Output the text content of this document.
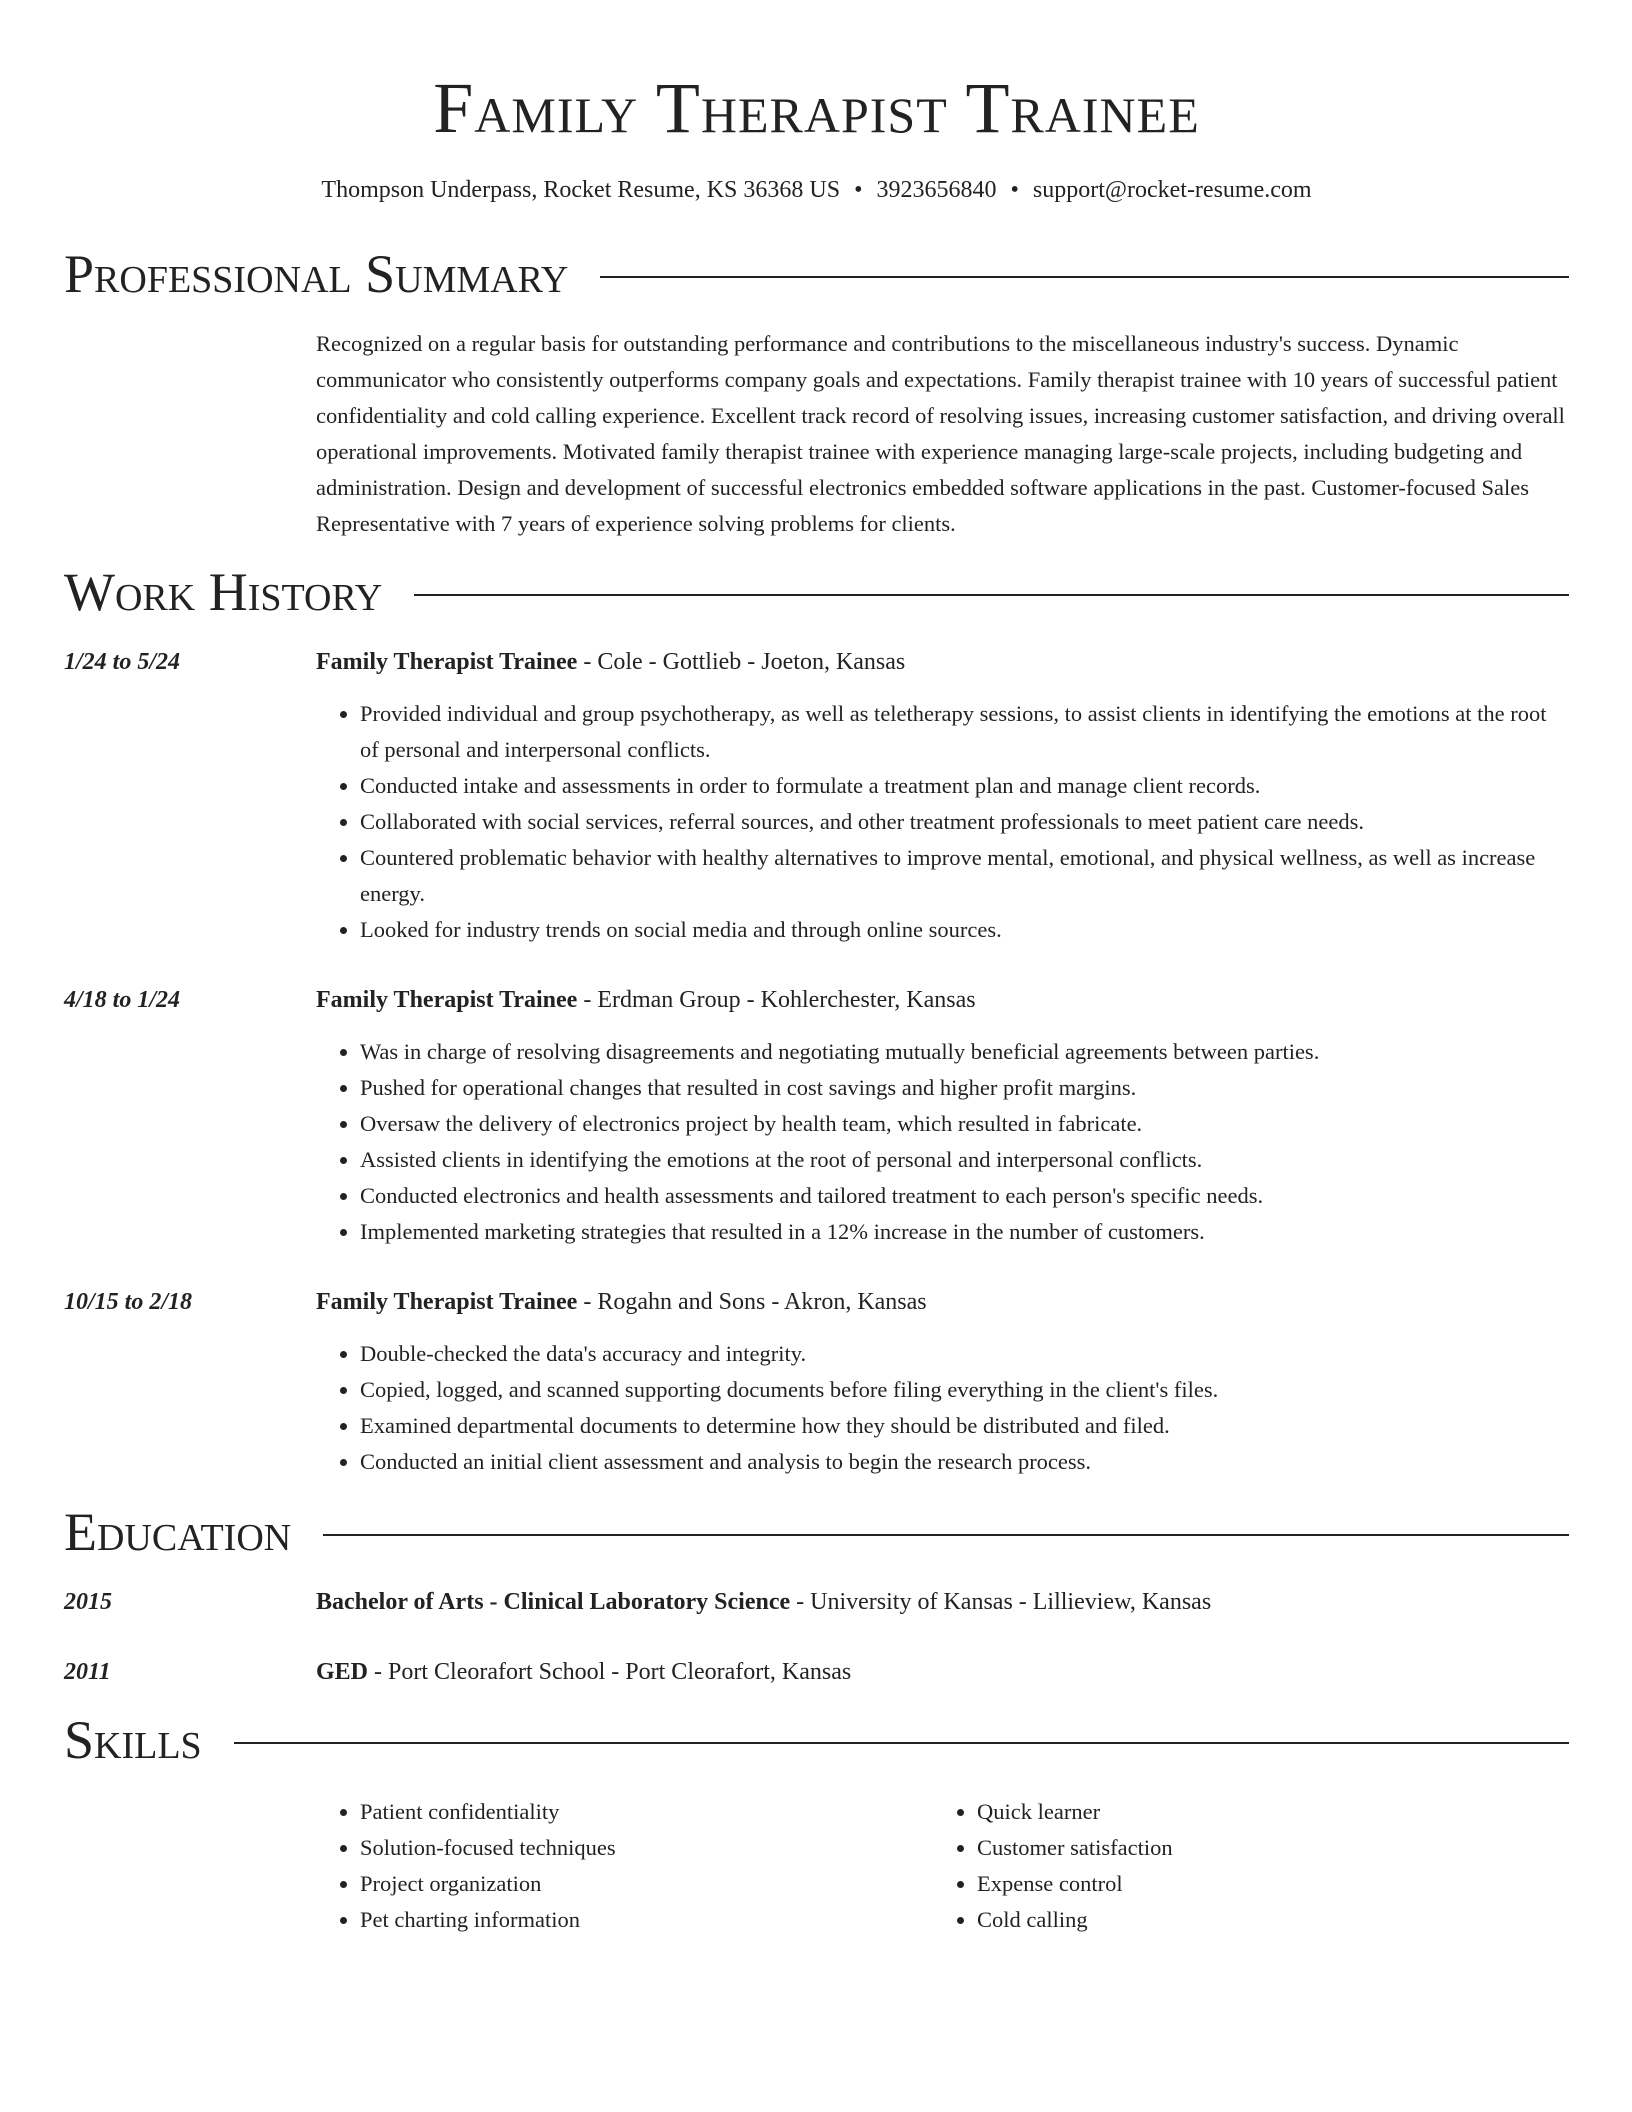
Family Therapist Trainee
Thompson Underpass, Rocket Resume, KS 36368 US • 3923656840 • support@rocket-resume.com
Professional Summary

Recognized on a regular basis for outstanding performance and contributions to the miscellaneous industry's success. Dynamic communicator who consistently outperforms company goals and expectations. Family therapist trainee with 10 years of successful patient confidentiality and cold calling experience. Excellent track record of resolving issues, increasing customer satisfaction, and driving overall operational improvements. Motivated family therapist trainee with experience managing large-scale projects, including budgeting and administration. Design and development of successful electronics embedded software applications in the past. Customer-focused Sales Representative with 7 years of experience solving problems for clients.

Work History
1/24 to 5/24	Family Therapist Trainee - Cole - Gottlieb - Joeton, Kansas
• Provided individual and group psychotherapy, as well as teletherapy sessions, to assist clients in identifying the emotions at the root of personal and interpersonal conflicts.
• Conducted intake and assessments in order to formulate a treatment plan and manage client records.
• Collaborated with social services, referral sources, and other treatment professionals to meet patient care needs.
• Countered problematic behavior with healthy alternatives to improve mental, emotional, and physical wellness, as well as increase energy.
• Looked for industry trends on social media and through online sources.
4/18 to 1/24	Family Therapist Trainee - Erdman Group - Kohlerchester, Kansas
• Was in charge of resolving disagreements and negotiating mutually beneficial agreements between parties.
• Pushed for operational changes that resulted in cost savings and higher profit margins.
• Oversaw the delivery of electronics project by health team, which resulted in fabricate.
• Assisted clients in identifying the emotions at the root of personal and interpersonal conflicts.
• Conducted electronics and health assessments and tailored treatment to each person's specific needs.
• Implemented marketing strategies that resulted in a 12% increase in the number of customers.
10/15 to 2/18	Family Therapist Trainee - Rogahn and Sons - Akron, Kansas
• Double-checked the data's accuracy and integrity.
• Copied, logged, and scanned supporting documents before filing everything in the client's files.
• Examined departmental documents to determine how they should be distributed and filed.
• Conducted an initial client assessment and analysis to begin the research process.
Education
2015	Bachelor of Arts - Clinical Laboratory Science - University of Kansas - Lillieview, Kansas
2011	GED - Port Cleorafort School - Port Cleorafort, Kansas
Skills
• Patient confidentiality
• Solution-focused techniques
• Project organization
• Pet charting information
• Quick learner
• Customer satisfaction
• Expense control
• Cold calling
